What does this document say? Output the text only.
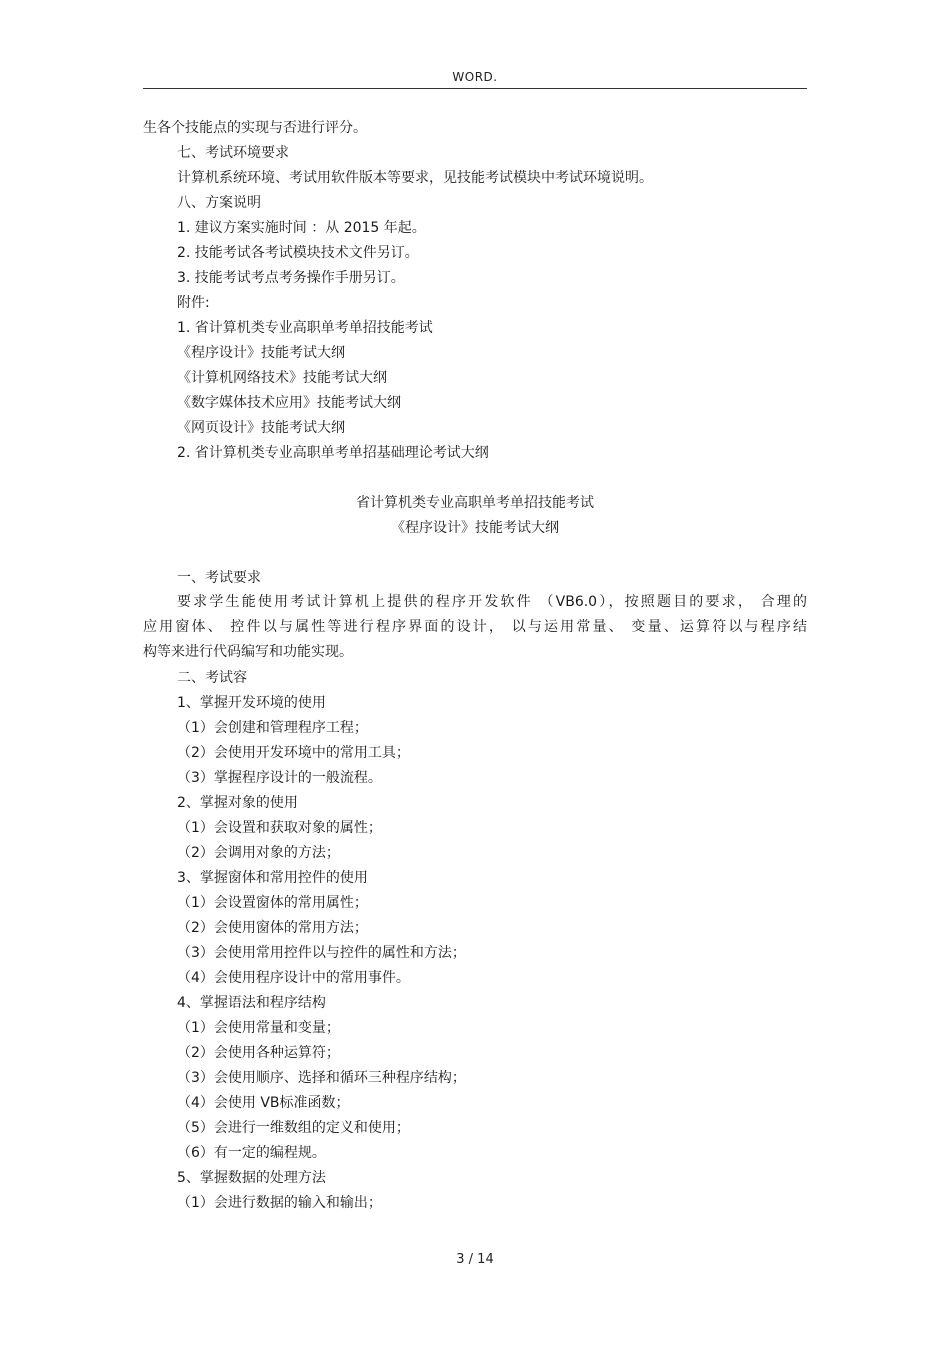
WORD.
生各个技能点的实现与否进行评分。
七、考试环境要求
计算机系统环境、考试用软件版本等要求，见技能考试模块中考试环境说明。
八、方案说明
1. 建议方案实施时间 ：从 2015 年起。
2. 技能考试各考试模块技术文件另订。
3. 技能考试考点考务操作手册另订。
附件:
1. 省计算机类专业高职单考单招技能考试
《程序设计》技能考试大纲
《计算机网络技术》技能考试大纲
《数字媒体技术应用》技能考试大纲
《网页设计》技能考试大纲
2. 省计算机类专业高职单考单招基础理论考试大纲
省计算机类专业高职单考单招技能考试
《程序设计》技能考试大纲
一、考试要求
要求学生能使用考试计算机上提供的程序开发软件 （VB6.0），按照题目的要求， 合理的
应用窗体、 控件以与属性等进行程序界面的设计， 以与运用常量、 变量、运算符以与程序结
构等来进行代码编写和功能实现。
二、考试容
1、掌握开发环境的使用
（1）会创建和管理程序工程；
（2）会使用开发环境中的常用工具；
（3）掌握程序设计的一般流程。
2、掌握对象的使用
（1）会设置和获取对象的属性；
（2）会调用对象的方法；
3、掌握窗体和常用控件的使用
（1）会设置窗体的常用属性；
（2）会使用窗体的常用方法；
（3）会使用常用控件以与控件的属性和方法；
（4）会使用程序设计中的常用事件。
4、掌握语法和程序结构
（1）会使用常量和变量；
（2）会使用各种运算符；
（3）会使用顺序、选择和循环三种程序结构；
（4）会使用 VB标准函数；
（5）会进行一维数组的定义和使用；
（6）有一定的编程规。
5、掌握数据的处理方法
（1）会进行数据的输入和输出；
3 / 14
